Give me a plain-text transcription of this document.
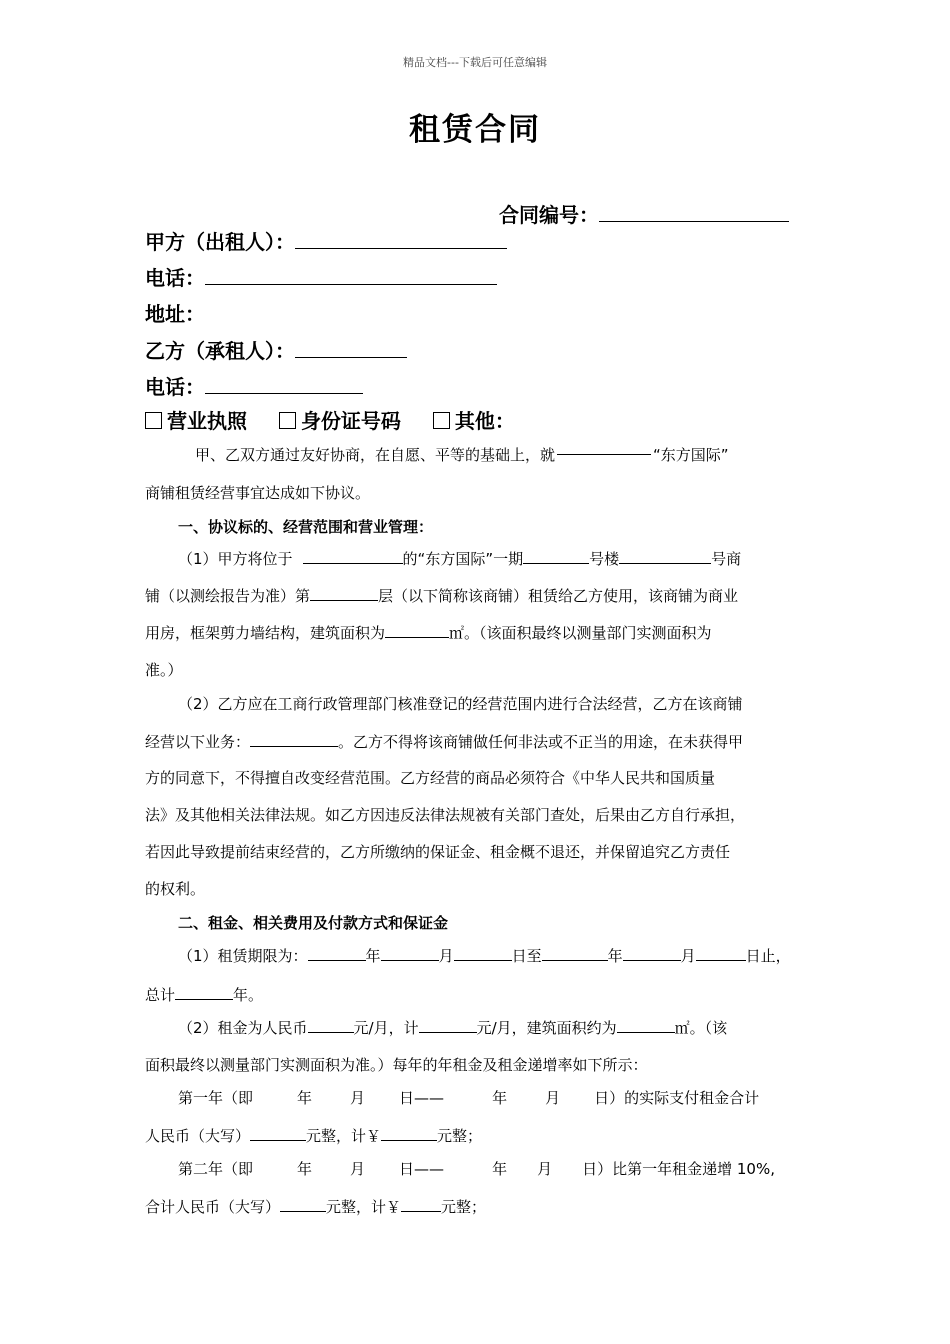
精品文档---下载后可任意编辑
租赁合同
合同编号：
甲方（出租人）：
电话：
地址：
乙方（承租人）：
电话：
营业执照	身份证号码	其他：
甲、乙双方通过友好协商，在自愿、平等的基础上，就	“东方国际”
商铺租赁经营事宜达成如下协议。
一、协议标的、经营范围和营业管理：
（1）甲方将位于	的“东方国际”一期	号楼	号商
铺（以测绘报告为准）第	层（以下简称该商铺）租赁给乙方使用，该商铺为商业
用房，框架剪力墙结构，建筑面积为	㎡。（该面积最终以测量部门实测面积为
准。）
（2）乙方应在工商行政管理部门核准登记的经营范围内进行合法经营，乙方在该商铺
经营以下业务：	。乙方不得将该商铺做任何非法或不正当的用途，在未获得甲
方的同意下，不得擅自改变经营范围。乙方经营的商品必须符合《中华人民共和国质量
法》及其他相关法律法规。如乙方因违反法律法规被有关部门查处，后果由乙方自行承担，
若因此导致提前结束经营的，乙方所缴纳的保证金、租金概不退还，并保留追究乙方责任
的权利。
二、租金、相关费用及付款方式和保证金
（1）租赁期限为：	年	月	日至	年	月	日止，
总计	年。
（2）租金为人民币	元/月，计	元/月，建筑面积约为	㎡。（该
面积最终以测量部门实测面积为准。）每年的年租金及租金递增率如下所示：
第一年（即	年	月 日——	年	月 日）的实际支付租金合计
人民币（大写）	元整，计￥	元整；
第二年（即	年	月 日——	年 月 日）比第一年租金递增 10%,
合计人民币（大写）	元整，计￥	元整；
